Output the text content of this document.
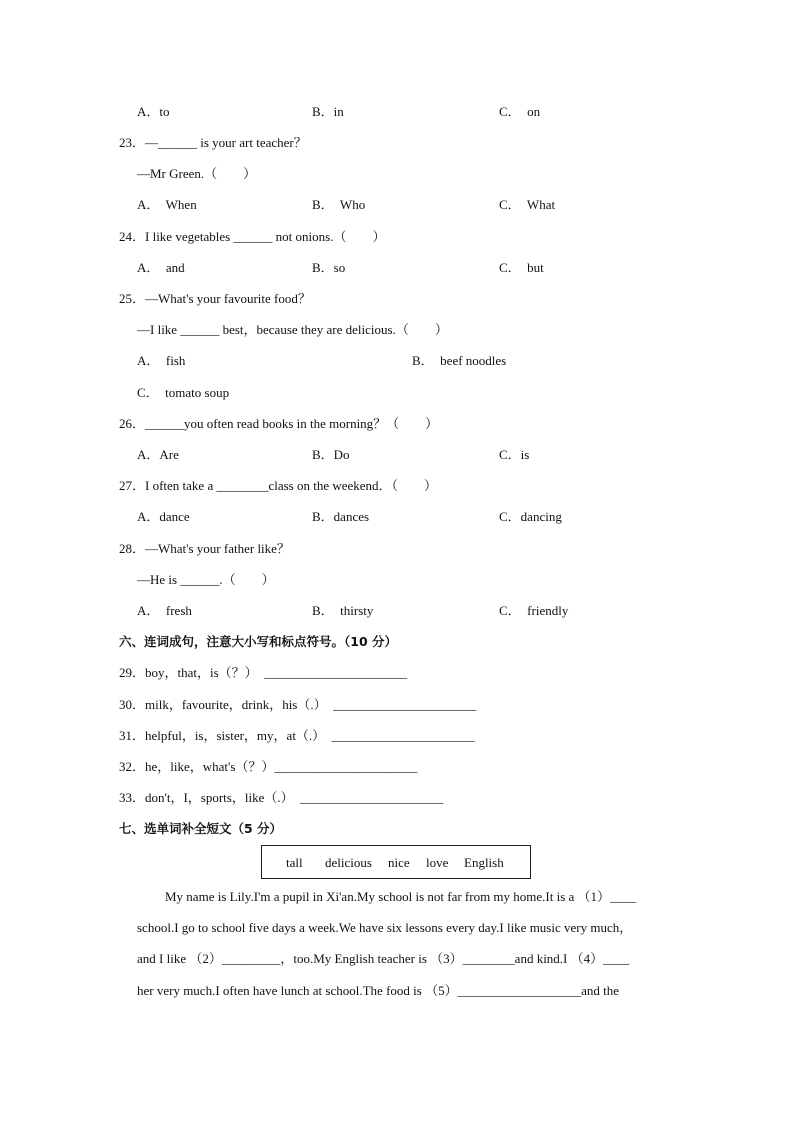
A．to	B．in	C．  on
23．—______ is your art teacher？
—Mr Green.（　　）
A．  When	B．  Who	C．  What
24．I like vegetables ______ not onions.（　　）
A．  and	B．so	C．  but
25．—What's your favourite food？
—I like ______ best，because they are delicious.（　　）
A．  fish	B．  beef noodles
C．  tomato soup
26．______you often read books in the morning？（　　）
A．Are	B．Do	C．is
27．I often take a ________class on the weekend．（　　）
A．dance	B．dances	C．dancing
28．—What's your father like？
—He is ______.（　　）
A．  fresh	B．  thirsty	C．  friendly
六、连词成句，注意大小写和标点符号。（10 分）
29．boy，that，is（？）  ______________________
30．milk，favourite，drink，his（.）  ______________________
31．helpful，is，sister，my，at（.）  ______________________
32．he，like，what's（？）______________________
33．don't，I，sports，like（.）  ______________________
七、选单词补全短文（5 分）
tall delicious nice love English
My name is Lily.I'm a pupil in Xi'an.My school is not far from my home.It is a （1）____
school.I go to school five days a week.We have six lessons every day.I like music very much，
and I like （2）_________，too.My English teacher is （3）________and kind.I （4）____
her very much.I often have lunch at school.The food is （5）___________________and the
